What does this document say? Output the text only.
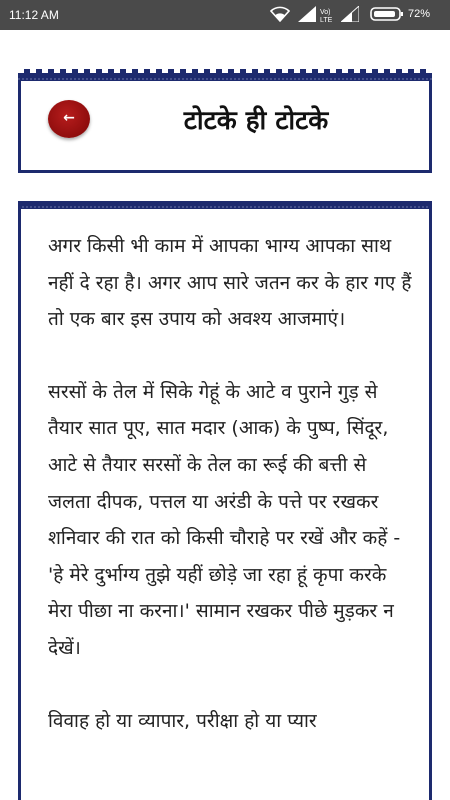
11:12 AM	Vo)
LTE
72%
←	टोटके ही टोटके

अगर किसी भी काम में आपका भाग्य आपका साथ नहीं दे रहा है। अगर आप सारे जतन कर के हार गए हैं तो एक बार इस उपाय को अवश्य आजमाएं।

सरसों के तेल में सिके गेहूं के आटे व पुराने गुड़ से तैयार सात पूए, सात मदार (आक) के पुष्प, सिंदूर, आटे से तैयार सरसों के तेल का रूई की बत्ती से जलता दीपक, पत्तल या अरंडी के पत्ते पर रखकर शनिवार की रात को किसी चौराहे पर रखें और कहें - 'हे मेरे दुर्भाग्य तुझे यहीं छोड़े जा रहा हूं कृपा करके मेरा पीछा ना करना।' सामान रखकर पीछे मुड़कर न देखें।

विवाह हो या व्यापार, परीक्षा हो या प्यार
